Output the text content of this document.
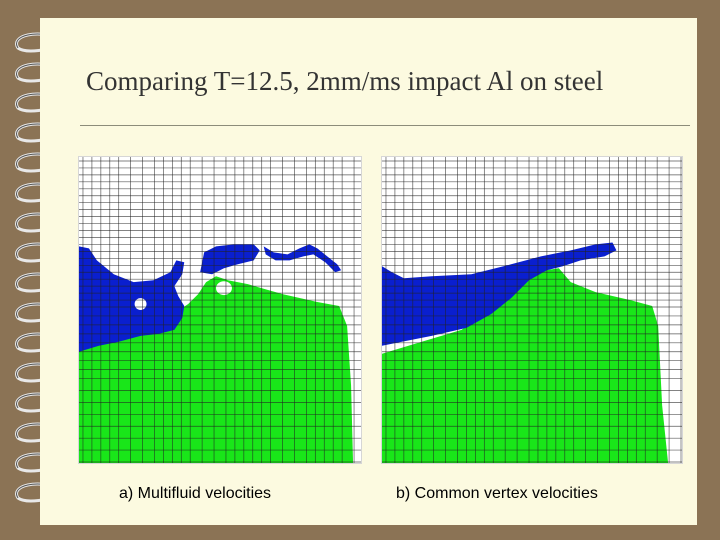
Comparing T=12.5, 2mm/ms impact Al on steel
a) Multifluid velocities	b) Common vertex velocities
